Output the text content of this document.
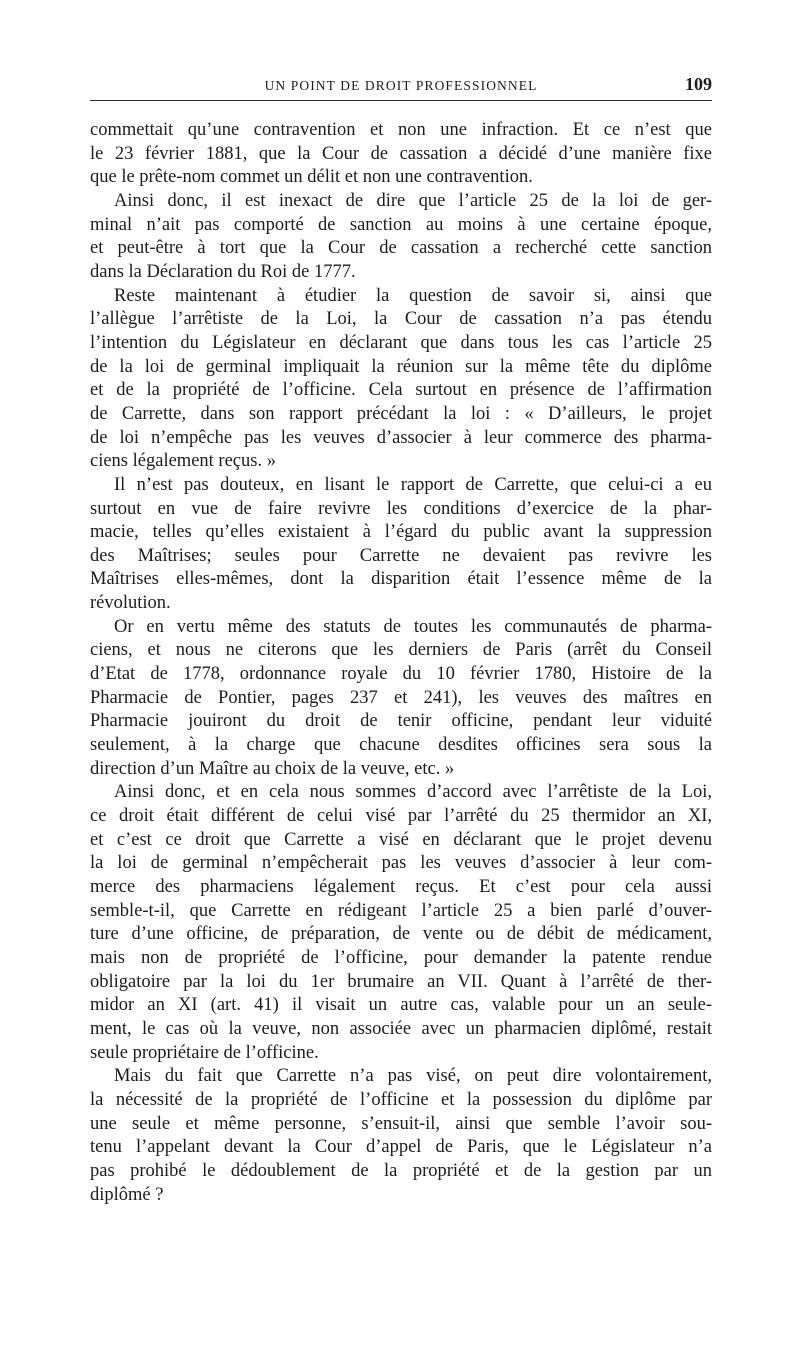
UN POINT DE DROIT PROFESSIONNEL	109

commettait qu’une contravention et non une infraction. Et ce n’est que
le 23 février 1881, que la Cour de cassation a décidé d’une manière fixe
que le prête-nom commet un délit et non une contravention.

Ainsi donc, il est inexact de dire que l’article 25 de la loi de ger-
minal n’ait pas comporté de sanction au moins à une certaine époque,
et peut-être à tort que la Cour de cassation a recherché cette sanction
dans la Déclaration du Roi de 1777.

Reste maintenant à étudier la question de savoir si, ainsi que
l’allègue l’arrêtiste de la Loi, la Cour de cassation n’a pas étendu
l’intention du Législateur en déclarant que dans tous les cas l’article 25
de la loi de germinal impliquait la réunion sur la même tête du diplôme
et de la propriété de l’officine. Cela surtout en présence de l’affirmation
de Carrette, dans son rapport précédant la loi : « D’ailleurs, le projet
de loi n’empêche pas les veuves d’associer à leur commerce des pharma-
ciens légalement reçus. »

Il n’est pas douteux, en lisant le rapport de Carrette, que celui-ci a eu
surtout en vue de faire revivre les conditions d’exercice de la phar-
macie, telles qu’elles existaient à l’égard du public avant la suppression
des Maîtrises; seules pour Carrette ne devaient pas revivre les
Maîtrises elles-mêmes, dont la disparition était l’essence même de la
révolution.

Or en vertu même des statuts de toutes les communautés de pharma-
ciens, et nous ne citerons que les derniers de Paris (arrêt du Conseil
d’Etat de 1778, ordonnance royale du 10 février 1780, Histoire de la
Pharmacie de Pontier, pages 237 et 241), les veuves des maîtres en
Pharmacie jouiront du droit de tenir officine, pendant leur viduité
seulement, à la charge que chacune desdites officines sera sous la
direction d’un Maître au choix de la veuve, etc. »

Ainsi donc, et en cela nous sommes d’accord avec l’arrêtiste de la Loi,
ce droit était différent de celui visé par l’arrêté du 25 thermidor an XI,
et c’est ce droit que Carrette a visé en déclarant que le projet devenu
la loi de germinal n’empêcherait pas les veuves d’associer à leur com-
merce des pharmaciens légalement reçus. Et c’est pour cela aussi
semble-t-il, que Carrette en rédigeant l’article 25 a bien parlé d’ouver-
ture d’une officine, de préparation, de vente ou de débit de médicament,
mais non de propriété de l’officine, pour demander la patente rendue
obligatoire par la loi du 1er brumaire an VII. Quant à l’arrêté de ther-
midor an XI (art. 41) il visait un autre cas, valable pour un an seule-
ment, le cas où la veuve, non associée avec un pharmacien diplômé, restait
seule propriétaire de l’officine.

Mais du fait que Carrette n’a pas visé, on peut dire volontairement,
la nécessité de la propriété de l’officine et la possession du diplôme par
une seule et même personne, s’ensuit-il, ainsi que semble l’avoir sou-
tenu l’appelant devant la Cour d’appel de Paris, que le Législateur n’a
pas prohibé le dédoublement de la propriété et de la gestion par un
diplômé ?
